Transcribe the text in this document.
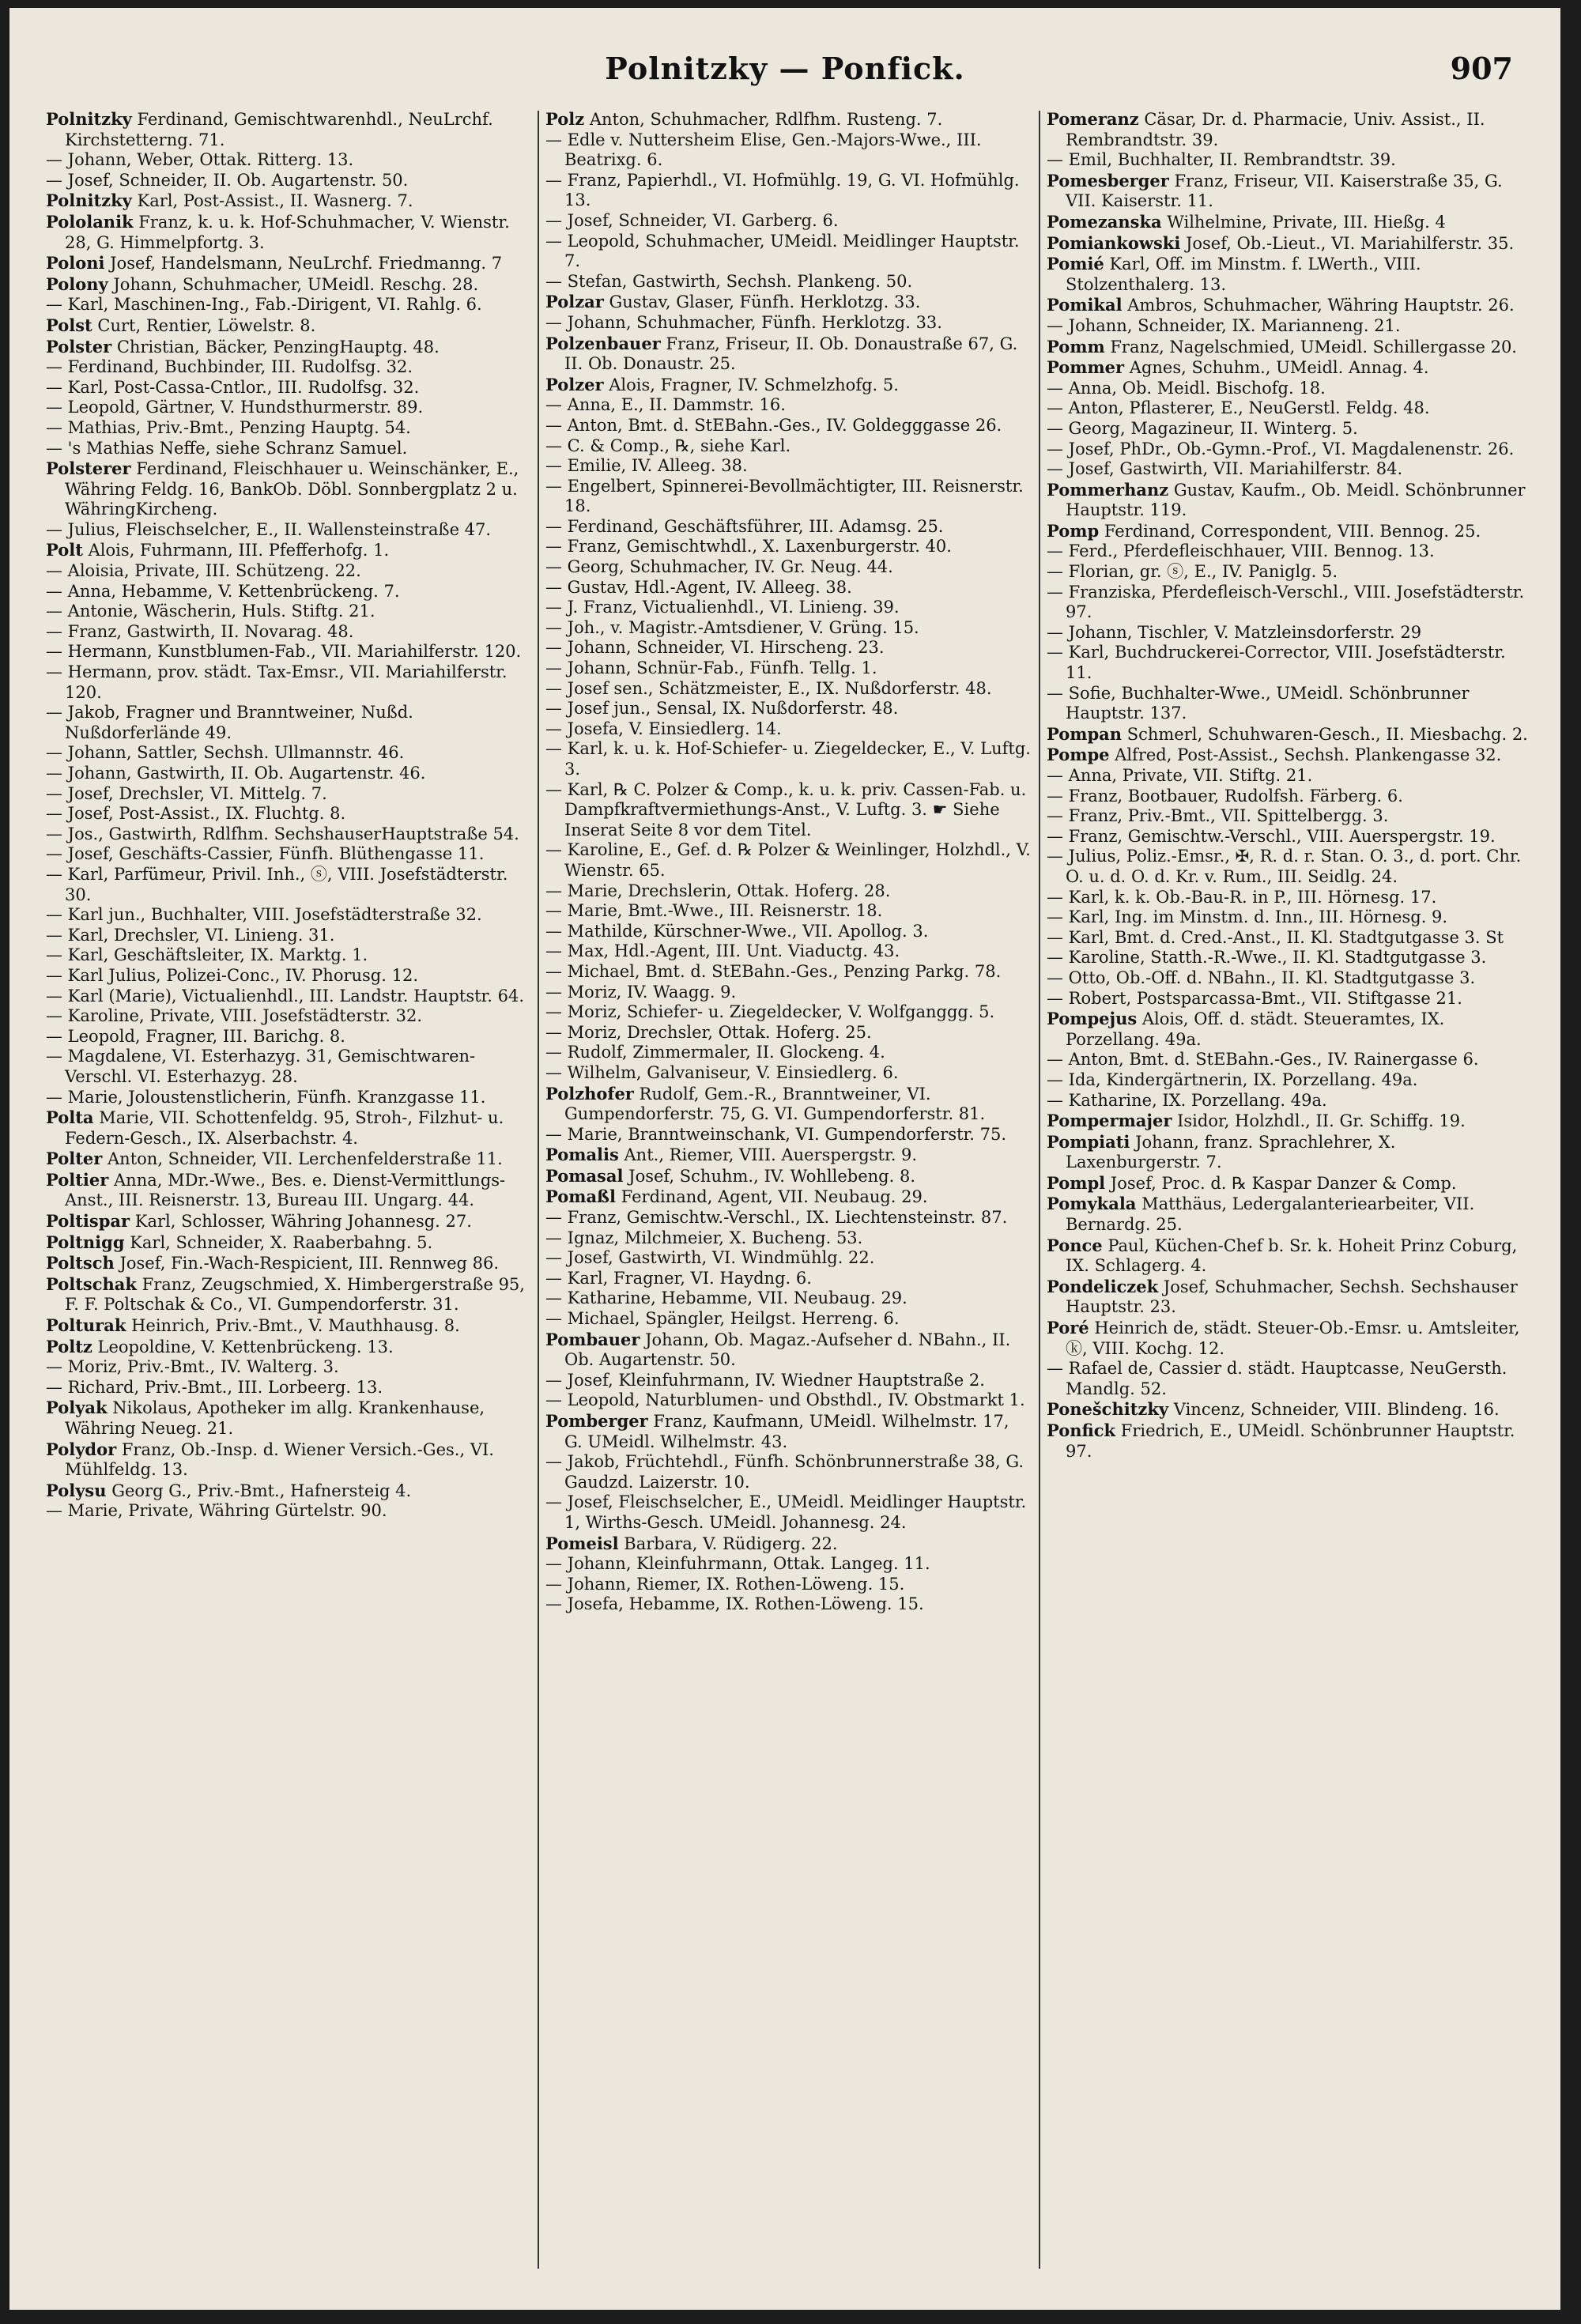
Polnitzky — Ponfick.	907

Polnitzky Ferdinand, Gemischtwarenhdl., NeuLrchf. Kirchstetterng. 71.

— Johann, Weber, Ottak. Ritterg. 13.

— Josef, Schneider, II. Ob. Augartenstr. 50.

Polnitzky Karl, Post-Assist., II. Wasnerg. 7.

Pololanik Franz, k. u. k. Hof-Schuhmacher, V. Wienstr. 28, G. Himmelpfortg. 3.

Poloni Josef, Handelsmann, NeuLrchf. Friedmanng. 7

Polony Johann, Schuhmacher, UMeidl. Reschg. 28.

— Karl, Maschinen-Ing., Fab.-Dirigent, VI. Rahlg. 6.

Polst Curt, Rentier, Löwelstr. 8.

Polster Christian, Bäcker, PenzingHauptg. 48.

— Ferdinand, Buchbinder, III. Rudolfsg. 32.

— Karl, Post-Cassa-Cntlor., III. Rudolfsg. 32.

— Leopold, Gärtner, V. Hundsthurmerstr. 89.

— Mathias, Priv.-Bmt., Penzing Hauptg. 54.

— 's Mathias Neffe, siehe Schranz Samuel.

Polsterer Ferdinand, Fleischhauer u. Weinschänker, E., Währing Feldg. 16, BankOb. Döbl. Sonnbergplatz 2 u. WähringKircheng.

— Julius, Fleischselcher, E., II. Wallensteinstraße 47.

Polt Alois, Fuhrmann, III. Pfefferhofg. 1.

— Aloisia, Private, III. Schützeng. 22.

— Anna, Hebamme, V. Kettenbrückeng. 7.

— Antonie, Wäscherin, Huls. Stiftg. 21.

— Franz, Gastwirth, II. Novarag. 48.

— Hermann, Kunstblumen-Fab., VII. Mariahilferstr. 120.

— Hermann, prov. städt. Tax-Emsr., VII. Mariahilferstr. 120.

— Jakob, Fragner und Branntweiner, Nußd. Nußdorferlände 49.

— Johann, Sattler, Sechsh. Ullmannstr. 46.

— Johann, Gastwirth, II. Ob. Augartenstr. 46.

— Josef, Drechsler, VI. Mittelg. 7.

— Josef, Post-Assist., IX. Fluchtg. 8.

— Jos., Gastwirth, Rdlfhm. SechshauserHauptstraße 54.

— Josef, Geschäfts-Cassier, Fünfh. Blüthengasse 11.

— Karl, Parfümeur, Privil. Inh., ⓢ, VIII. Josefstädterstr. 30.

— Karl jun., Buchhalter, VIII. Josefstädterstraße 32.

— Karl, Drechsler, VI. Linieng. 31.

— Karl, Geschäftsleiter, IX. Marktg. 1.

— Karl Julius, Polizei-Conc., IV. Phorusg. 12.

— Karl (Marie), Victualienhdl., III. Landstr. Hauptstr. 64.

— Karoline, Private, VIII. Josefstädterstr. 32.

— Leopold, Fragner, III. Barichg. 8.

— Magdalene, VI. Esterhazyg. 31, Gemischtwaren-Verschl. VI. Esterhazyg. 28.

— Marie, Joloustenstlicherin, Fünfh. Kranzgasse 11.

Polta Marie, VII. Schottenfeldg. 95, Stroh-, Filzhut- u. Federn-Gesch., IX. Alserbachstr. 4.

Polter Anton, Schneider, VII. Lerchenfelderstraße 11.

Poltier Anna, MDr.-Wwe., Bes. e. Dienst-Vermittlungs-Anst., III. Reisnerstr. 13, Bureau III. Ungarg. 44.

Poltispar Karl, Schlosser, Währing Johannesg. 27.

Poltnigg Karl, Schneider, X. Raaberbahng. 5.

Poltsch Josef, Fin.-Wach-Respicient, III. Rennweg 86.

Poltschak Franz, Zeugschmied, X. Himbergerstraße 95, F. F. Poltschak & Co., VI. Gumpendorferstr. 31.

Polturak Heinrich, Priv.-Bmt., V. Mauthhausg. 8.

Poltz Leopoldine, V. Kettenbrückeng. 13.

— Moriz, Priv.-Bmt., IV. Walterg. 3.

— Richard, Priv.-Bmt., III. Lorbeerg. 13.

Polyak Nikolaus, Apotheker im allg. Krankenhause, Währing Neueg. 21.

Polydor Franz, Ob.-Insp. d. Wiener Versich.-Ges., VI. Mühlfeldg. 13.

Polysu Georg G., Priv.-Bmt., Hafnersteig 4.

— Marie, Private, Währing Gürtelstr. 90.

Polz Anton, Schuhmacher, Rdlfhm. Rusteng. 7.

— Edle v. Nuttersheim Elise, Gen.-Majors-Wwe., III. Beatrixg. 6.

— Franz, Papierhdl., VI. Hofmühlg. 19, G. VI. Hofmühlg. 13.

— Josef, Schneider, VI. Garberg. 6.

— Leopold, Schuhmacher, UMeidl. Meidlinger Hauptstr. 7.

— Stefan, Gastwirth, Sechsh. Plankeng. 50.

Polzar Gustav, Glaser, Fünfh. Herklotzg. 33.

— Johann, Schuhmacher, Fünfh. Herklotzg. 33.

Polzenbauer Franz, Friseur, II. Ob. Donaustraße 67, G. II. Ob. Donaustr. 25.

Polzer Alois, Fragner, IV. Schmelzhofg. 5.

— Anna, E., II. Dammstr. 16.

— Anton, Bmt. d. StEBahn.-Ges., IV. Goldegggasse 26.

— C. & Comp., ℞, siehe Karl.

— Emilie, IV. Alleeg. 38.

— Engelbert, Spinnerei-Bevollmächtigter, III. Reisnerstr. 18.

— Ferdinand, Geschäftsführer, III. Adamsg. 25.

— Franz, Gemischtwhdl., X. Laxenburgerstr. 40.

— Georg, Schuhmacher, IV. Gr. Neug. 44.

— Gustav, Hdl.-Agent, IV. Alleeg. 38.

— J. Franz, Victualienhdl., VI. Linieng. 39.

— Joh., v. Magistr.-Amtsdiener, V. Grüng. 15.

— Johann, Schneider, VI. Hirscheng. 23.

— Johann, Schnür-Fab., Fünfh. Tellg. 1.

— Josef sen., Schätzmeister, E., IX. Nußdorferstr. 48.

— Josef jun., Sensal, IX. Nußdorferstr. 48.

— Josefa, V. Einsiedlerg. 14.

— Karl, k. u. k. Hof-Schiefer- u. Ziegeldecker, E., V. Luftg. 3.

— Karl, ℞ C. Polzer & Comp., k. u. k. priv. Cassen-Fab. u. Dampfkraftvermiethungs-Anst., V. Luftg. 3. ☛ Siehe Inserat Seite 8 vor dem Titel.

— Karoline, E., Gef. d. ℞ Polzer & Weinlinger, Holzhdl., V. Wienstr. 65.

— Marie, Drechslerin, Ottak. Hoferg. 28.

— Marie, Bmt.-Wwe., III. Reisnerstr. 18.

— Mathilde, Kürschner-Wwe., VII. Apollog. 3.

— Max, Hdl.-Agent, III. Unt. Viaductg. 43.

— Michael, Bmt. d. StEBahn.-Ges., Penzing Parkg. 78.

— Moriz, IV. Waagg. 9.

— Moriz, Schiefer- u. Ziegeldecker, V. Wolfganggg. 5.

— Moriz, Drechsler, Ottak. Hoferg. 25.

— Rudolf, Zimmermaler, II. Glockeng. 4.

— Wilhelm, Galvaniseur, V. Einsiedlerg. 6.

Polzhofer Rudolf, Gem.-R., Branntweiner, VI. Gumpendorferstr. 75, G. VI. Gumpendorferstr. 81.

— Marie, Branntweinschank, VI. Gumpendorferstr. 75.

Pomalis Ant., Riemer, VIII. Auerspergstr. 9.

Pomasal Josef, Schuhm., IV. Wohllebeng. 8.

Pomaßl Ferdinand, Agent, VII. Neubaug. 29.

— Franz, Gemischtw.-Verschl., IX. Liechtensteinstr. 87.

— Ignaz, Milchmeier, X. Bucheng. 53.

— Josef, Gastwirth, VI. Windmühlg. 22.

— Karl, Fragner, VI. Haydng. 6.

— Katharine, Hebamme, VII. Neubaug. 29.

— Michael, Spängler, Heilgst. Herreng. 6.

Pombauer Johann, Ob. Magaz.-Aufseher d. NBahn., II. Ob. Augartenstr. 50.

— Josef, Kleinfuhrmann, IV. Wiedner Hauptstraße 2.

— Leopold, Naturblumen- und Obsthdl., IV. Obstmarkt 1.

Pomberger Franz, Kaufmann, UMeidl. Wilhelmstr. 17, G. UMeidl. Wilhelmstr. 43.

— Jakob, Früchtehdl., Fünfh. Schönbrunnerstraße 38, G. Gaudzd. Laizerstr. 10.

— Josef, Fleischselcher, E., UMeidl. Meidlinger Hauptstr. 1, Wirths-Gesch. UMeidl. Johannesg. 24.

Pomeisl Barbara, V. Rüdigerg. 22.

— Johann, Kleinfuhrmann, Ottak. Langeg. 11.

— Johann, Riemer, IX. Rothen-Löweng. 15.

— Josefa, Hebamme, IX. Rothen-Löweng. 15.

Pomeranz Cäsar, Dr. d. Pharmacie, Univ. Assist., II. Rembrandtstr. 39.

— Emil, Buchhalter, II. Rembrandtstr. 39.

Pomesberger Franz, Friseur, VII. Kaiserstraße 35, G. VII. Kaiserstr. 11.

Pomezanska Wilhelmine, Private, III. Hießg. 4

Pomiankowski Josef, Ob.-Lieut., VI. Mariahilferstr. 35.

Pomié Karl, Off. im Minstm. f. LWerth., VIII. Stolzenthalerg. 13.

Pomikal Ambros, Schuhmacher, Währing Hauptstr. 26.

— Johann, Schneider, IX. Marianneng. 21.

Pomm Franz, Nagelschmied, UMeidl. Schillergasse 20.

Pommer Agnes, Schuhm., UMeidl. Annag. 4.

— Anna, Ob. Meidl. Bischofg. 18.

— Anton, Pflasterer, E., NeuGerstl. Feldg. 48.

— Georg, Magazineur, II. Winterg. 5.

— Josef, PhDr., Ob.-Gymn.-Prof., VI. Magdalenenstr. 26.

— Josef, Gastwirth, VII. Mariahilferstr. 84.

Pommerhanz Gustav, Kaufm., Ob. Meidl. Schönbrunner Hauptstr. 119.

Pomp Ferdinand, Correspondent, VIII. Bennog. 25.

— Ferd., Pferdefleischhauer, VIII. Bennog. 13.

— Florian, gr. ⓢ, E., IV. Paniglg. 5.

— Franziska, Pferdefleisch-Verschl., VIII. Josefstädterstr. 97.

— Johann, Tischler, V. Matzleinsdorferstr. 29

— Karl, Buchdruckerei-Corrector, VIII. Josefstädterstr. 11.

— Sofie, Buchhalter-Wwe., UMeidl. Schönbrunner Hauptstr. 137.

Pompan Schmerl, Schuhwaren-Gesch., II. Miesbachg. 2.

Pompe Alfred, Post-Assist., Sechsh. Plankengasse 32.

— Anna, Private, VII. Stiftg. 21.

— Franz, Bootbauer, Rudolfsh. Färberg. 6.

— Franz, Priv.-Bmt., VII. Spittelbergg. 3.

— Franz, Gemischtw.-Verschl., VIII. Auerspergstr. 19.

— Julius, Poliz.-Emsr., ✠, R. d. r. Stan. O. 3., d. port. Chr. O. u. d. O. d. Kr. v. Rum., III. Seidlg. 24.

— Karl, k. k. Ob.-Bau-R. in P., III. Hörnesg. 17.

— Karl, Ing. im Minstm. d. Inn., III. Hörnesg. 9.

— Karl, Bmt. d. Cred.-Anst., II. Kl. Stadtgutgasse 3. St

— Karoline, Statth.-R.-Wwe., II. Kl. Stadtgutgasse 3.

— Otto, Ob.-Off. d. NBahn., II. Kl. Stadtgutgasse 3.

— Robert, Postsparcassa-Bmt., VII. Stiftgasse 21.

Pompejus Alois, Off. d. städt. Steueramtes, IX. Porzellang. 49a.

— Anton, Bmt. d. StEBahn.-Ges., IV. Rainergasse 6.

— Ida, Kindergärtnerin, IX. Porzellang. 49a.

— Katharine, IX. Porzellang. 49a.

Pompermajer Isidor, Holzhdl., II. Gr. Schiffg. 19.

Pompiati Johann, franz. Sprachlehrer, X. Laxenburgerstr. 7.

Pompl Josef, Proc. d. ℞ Kaspar Danzer & Comp.

Pomykala Matthäus, Ledergalanteriearbeiter, VII. Bernardg. 25.

Ponce Paul, Küchen-Chef b. Sr. k. Hoheit Prinz Coburg, IX. Schlagerg. 4.

Pondeliczek Josef, Schuhmacher, Sechsh. Sechshauser Hauptstr. 23.

Poré Heinrich de, städt. Steuer-Ob.-Emsr. u. Amtsleiter, ⓚ, VIII. Kochg. 12.

— Rafael de, Cassier d. städt. Hauptcasse, NeuGersth. Mandlg. 52.

Ponešchitzky Vincenz, Schneider, VIII. Blindeng. 16.

Ponfick Friedrich, E., UMeidl. Schönbrunner Hauptstr. 97.
